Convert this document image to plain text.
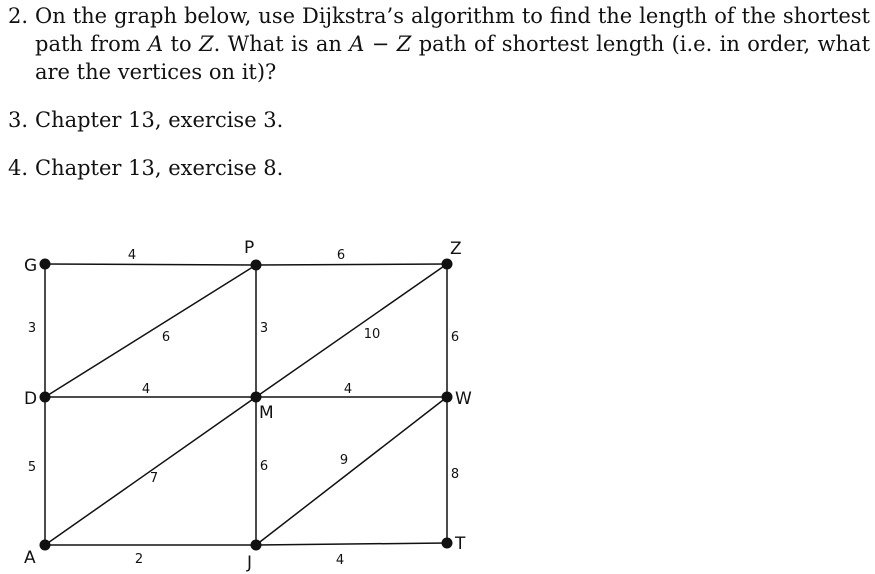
2. On the graph below, use Dijkstra’s algorithm to find the length of the shortest path from A to Z. What is an A − Z path of shortest length (i.e. in order, what are the vertices on it)?
3. Chapter 13, exercise 3.
4. Chapter 13, exercise 8.
4	6
3
6
3	10	6
4	4
5
7
6	9
8
2	4
G
P	Z
D
M
W
A	J
T
